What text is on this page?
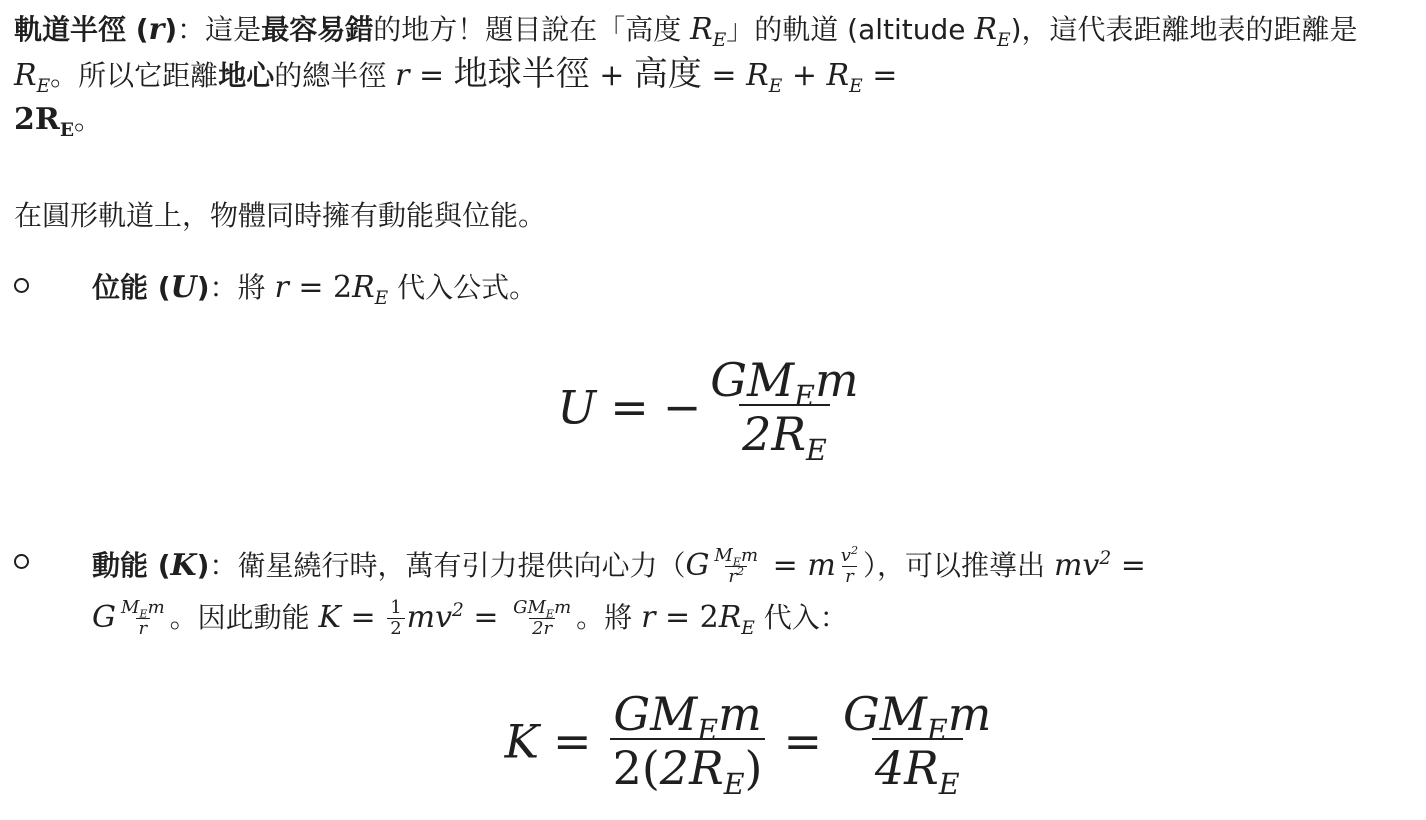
軌道半徑 (r)：這是最容易錯的地方！題目說在「高度 $R_E$」的軌道 (altitude $R_E$)，這代表距離地表的距離是 $R_E$。所以它距離地心的總半徑 r = 地球半徑 + 高度 = $R_E + R_E$ =
$2R_E$。

在圓形軌道上，物體同時擁有動能與位能。

位能 (U)：將 $r = 2R_E$ 代入公式。
U = − $\frac{GM_Em}{2R_E}$
動能 (K)：衛星繞行時，萬有引力提供向心力（$G \frac{M_Em}{r^2} = m \frac{v^2}{r}$ ），可以推導出 $mv^2$ =
G $\frac{M_Em}{r}$ 。因此動能 $K = \frac{1}{2} mv^2 = \frac{GM_Em}{2r}$ 。將 $r = 2R_E$ 代入：
$K = \frac{GM_Em}{2(2R_E)} = \frac{GM_Em}{4R_E}$
